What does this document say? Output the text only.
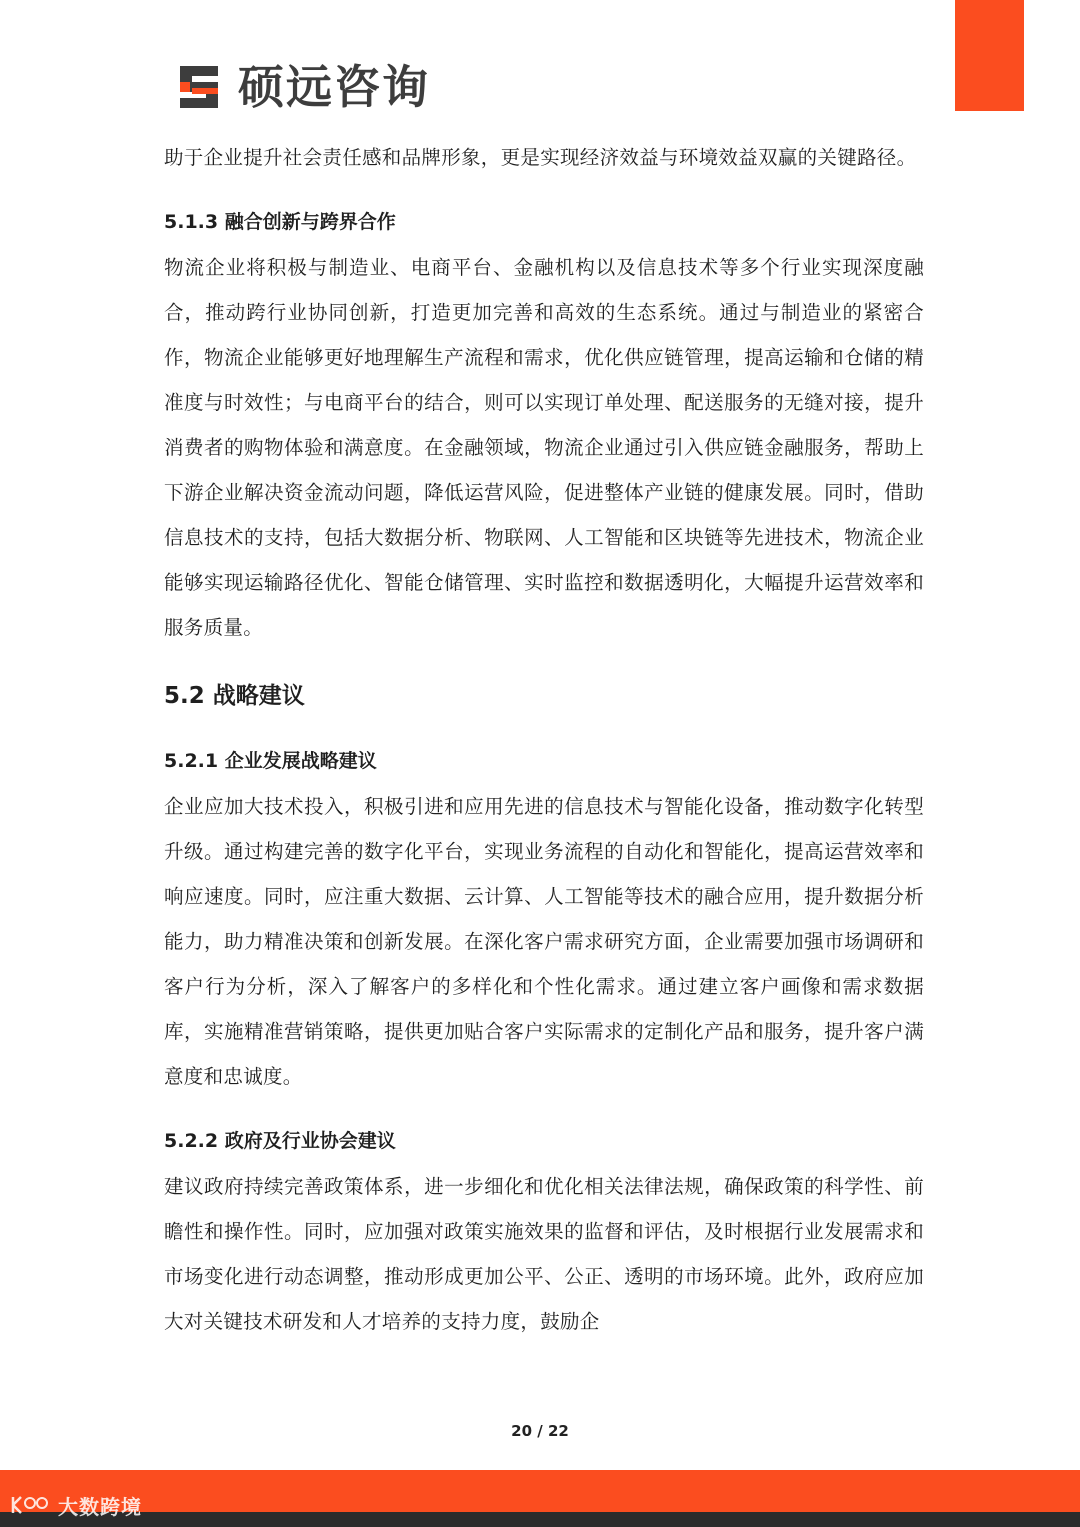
硕远咨询

助于企业提升社会责任感和品牌形象，更是实现经济效益与环境效益双赢的关键路径。

5.1.3 融合创新与跨界合作

物流企业将积极与制造业、电商平台、金融机构以及信息技术等多个行业实现深度融合，推动跨行业协同创新，打造更加完善和高效的生态系统。通过与制造业的紧密合作，物流企业能够更好地理解生产流程和需求，优化供应链管理，提高运输和仓储的精准度与时效性；与电商平台的结合，则可以实现订单处理、配送服务的无缝对接，提升消费者的购物体验和满意度。在金融领域，物流企业通过引入供应链金融服务，帮助上下游企业解决资金流动问题，降低运营风险，促进整体产业链的健康发展。同时，借助信息技术的支持，包括大数据分析、物联网、人工智能和区块链等先进技术，物流企业能够实现运输路径优化、智能仓储管理、实时监控和数据透明化，大幅提升运营效率和服务质量。

5.2 战略建议
5.2.1 企业发展战略建议

企业应加大技术投入，积极引进和应用先进的信息技术与智能化设备，推动数字化转型升级。通过构建完善的数字化平台，实现业务流程的自动化和智能化，提高运营效率和响应速度。同时，应注重大数据、云计算、人工智能等技术的融合应用，提升数据分析能力，助力精准决策和创新发展。在深化客户需求研究方面，企业需要加强市场调研和客户行为分析，深入了解客户的多样化和个性化需求。通过建立客户画像和需求数据库，实施精准营销策略，提供更加贴合客户实际需求的定制化产品和服务，提升客户满意度和忠诚度。

5.2.2 政府及行业协会建议

建议政府持续完善政策体系，进一步细化和优化相关法律法规，确保政策的科学性、前瞻性和操作性。同时，应加强对政策实施效果的监督和评估，及时根据行业发展需求和市场变化进行动态调整，推动形成更加公平、公正、透明的市场环境。此外，政府应加大对关键技术研发和人才培养的支持力度，鼓励企

20 / 22
大数跨境
